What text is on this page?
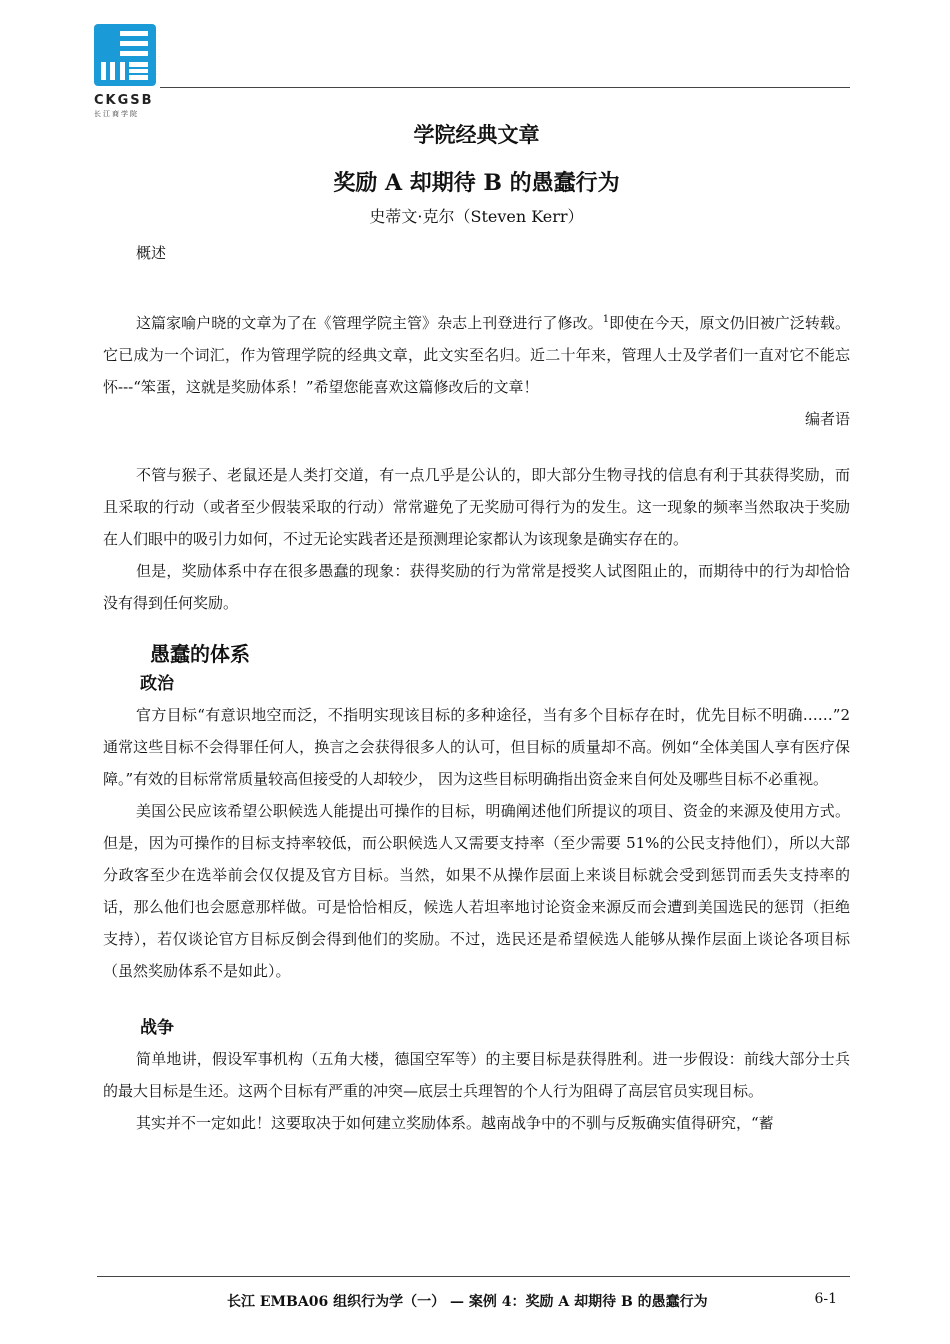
CKGSB
长江商学院
学院经典文章
奖励 A 却期待 B 的愚蠢行为
史蒂文·克尔（Steven Kerr）
概述

这篇家喻户晓的文章为了在《管理学院主管》杂志上刊登进行了修改。$^1$即使在今天，原文仍旧被广泛转载。它已成为一个词汇，作为管理学院的经典文章，此文实至名归。近二十年来，管理人士及学者们一直对它不能忘怀---“笨蛋，这就是奖励体系！”希望您能喜欢这篇修改后的文章！

编者语

不管与猴子、老鼠还是人类打交道，有一点几乎是公认的，即大部分生物寻找的信息有利于其获得奖励，而且采取的行动（或者至少假装采取的行动）常常避免了无奖励可得行为的发生。这一现象的频率当然取决于奖励在人们眼中的吸引力如何，不过无论实践者还是预测理论家都认为该现象是确实存在的。

但是，奖励体系中存在很多愚蠢的现象：获得奖励的行为常常是授奖人试图阻止的，而期待中的行为却恰恰没有得到任何奖励。

愚蠢的体系
政治

官方目标“有意识地空而泛，不指明实现该目标的多种途径，当有多个目标存在时，优先目标不明确……”2 通常这些目标不会得罪任何人，换言之会获得很多人的认可，但目标的质量却不高。例如“全体美国人享有医疗保障。”有效的目标常常质量较高但接受的人却较少， 因为这些目标明确指出资金来自何处及哪些目标不必重视。

美国公民应该希望公职候选人能提出可操作的目标，明确阐述他们所提议的项目、资金的来源及使用方式。但是，因为可操作的目标支持率较低，而公职候选人又需要支持率（至少需要 51%的公民支持他们），所以大部分政客至少在选举前会仅仅提及官方目标。当然，如果不从操作层面上来谈目标就会受到惩罚而丢失支持率的话，那么他们也会愿意那样做。可是恰恰相反，候选人若坦率地讨论资金来源反而会遭到美国选民的惩罚（拒绝支持），若仅谈论官方目标反倒会得到他们的奖励。不过，选民还是希望候选人能够从操作层面上谈论各项目标（虽然奖励体系不是如此）。

战争

简单地讲，假设军事机构（五角大楼，德国空军等）的主要目标是获得胜利。进一步假设：前线大部分士兵的最大目标是生还。这两个目标有严重的冲突—底层士兵理智的个人行为阻碍了高层官员实现目标。

其实并不一定如此！这要取决于如何建立奖励体系。越南战争中的不驯与反叛确实值得研究，“蓄

长江 EMBA06 组织行为学（一） — 案例 4：奖励 A 却期待 B 的愚蠢行为	6-1
